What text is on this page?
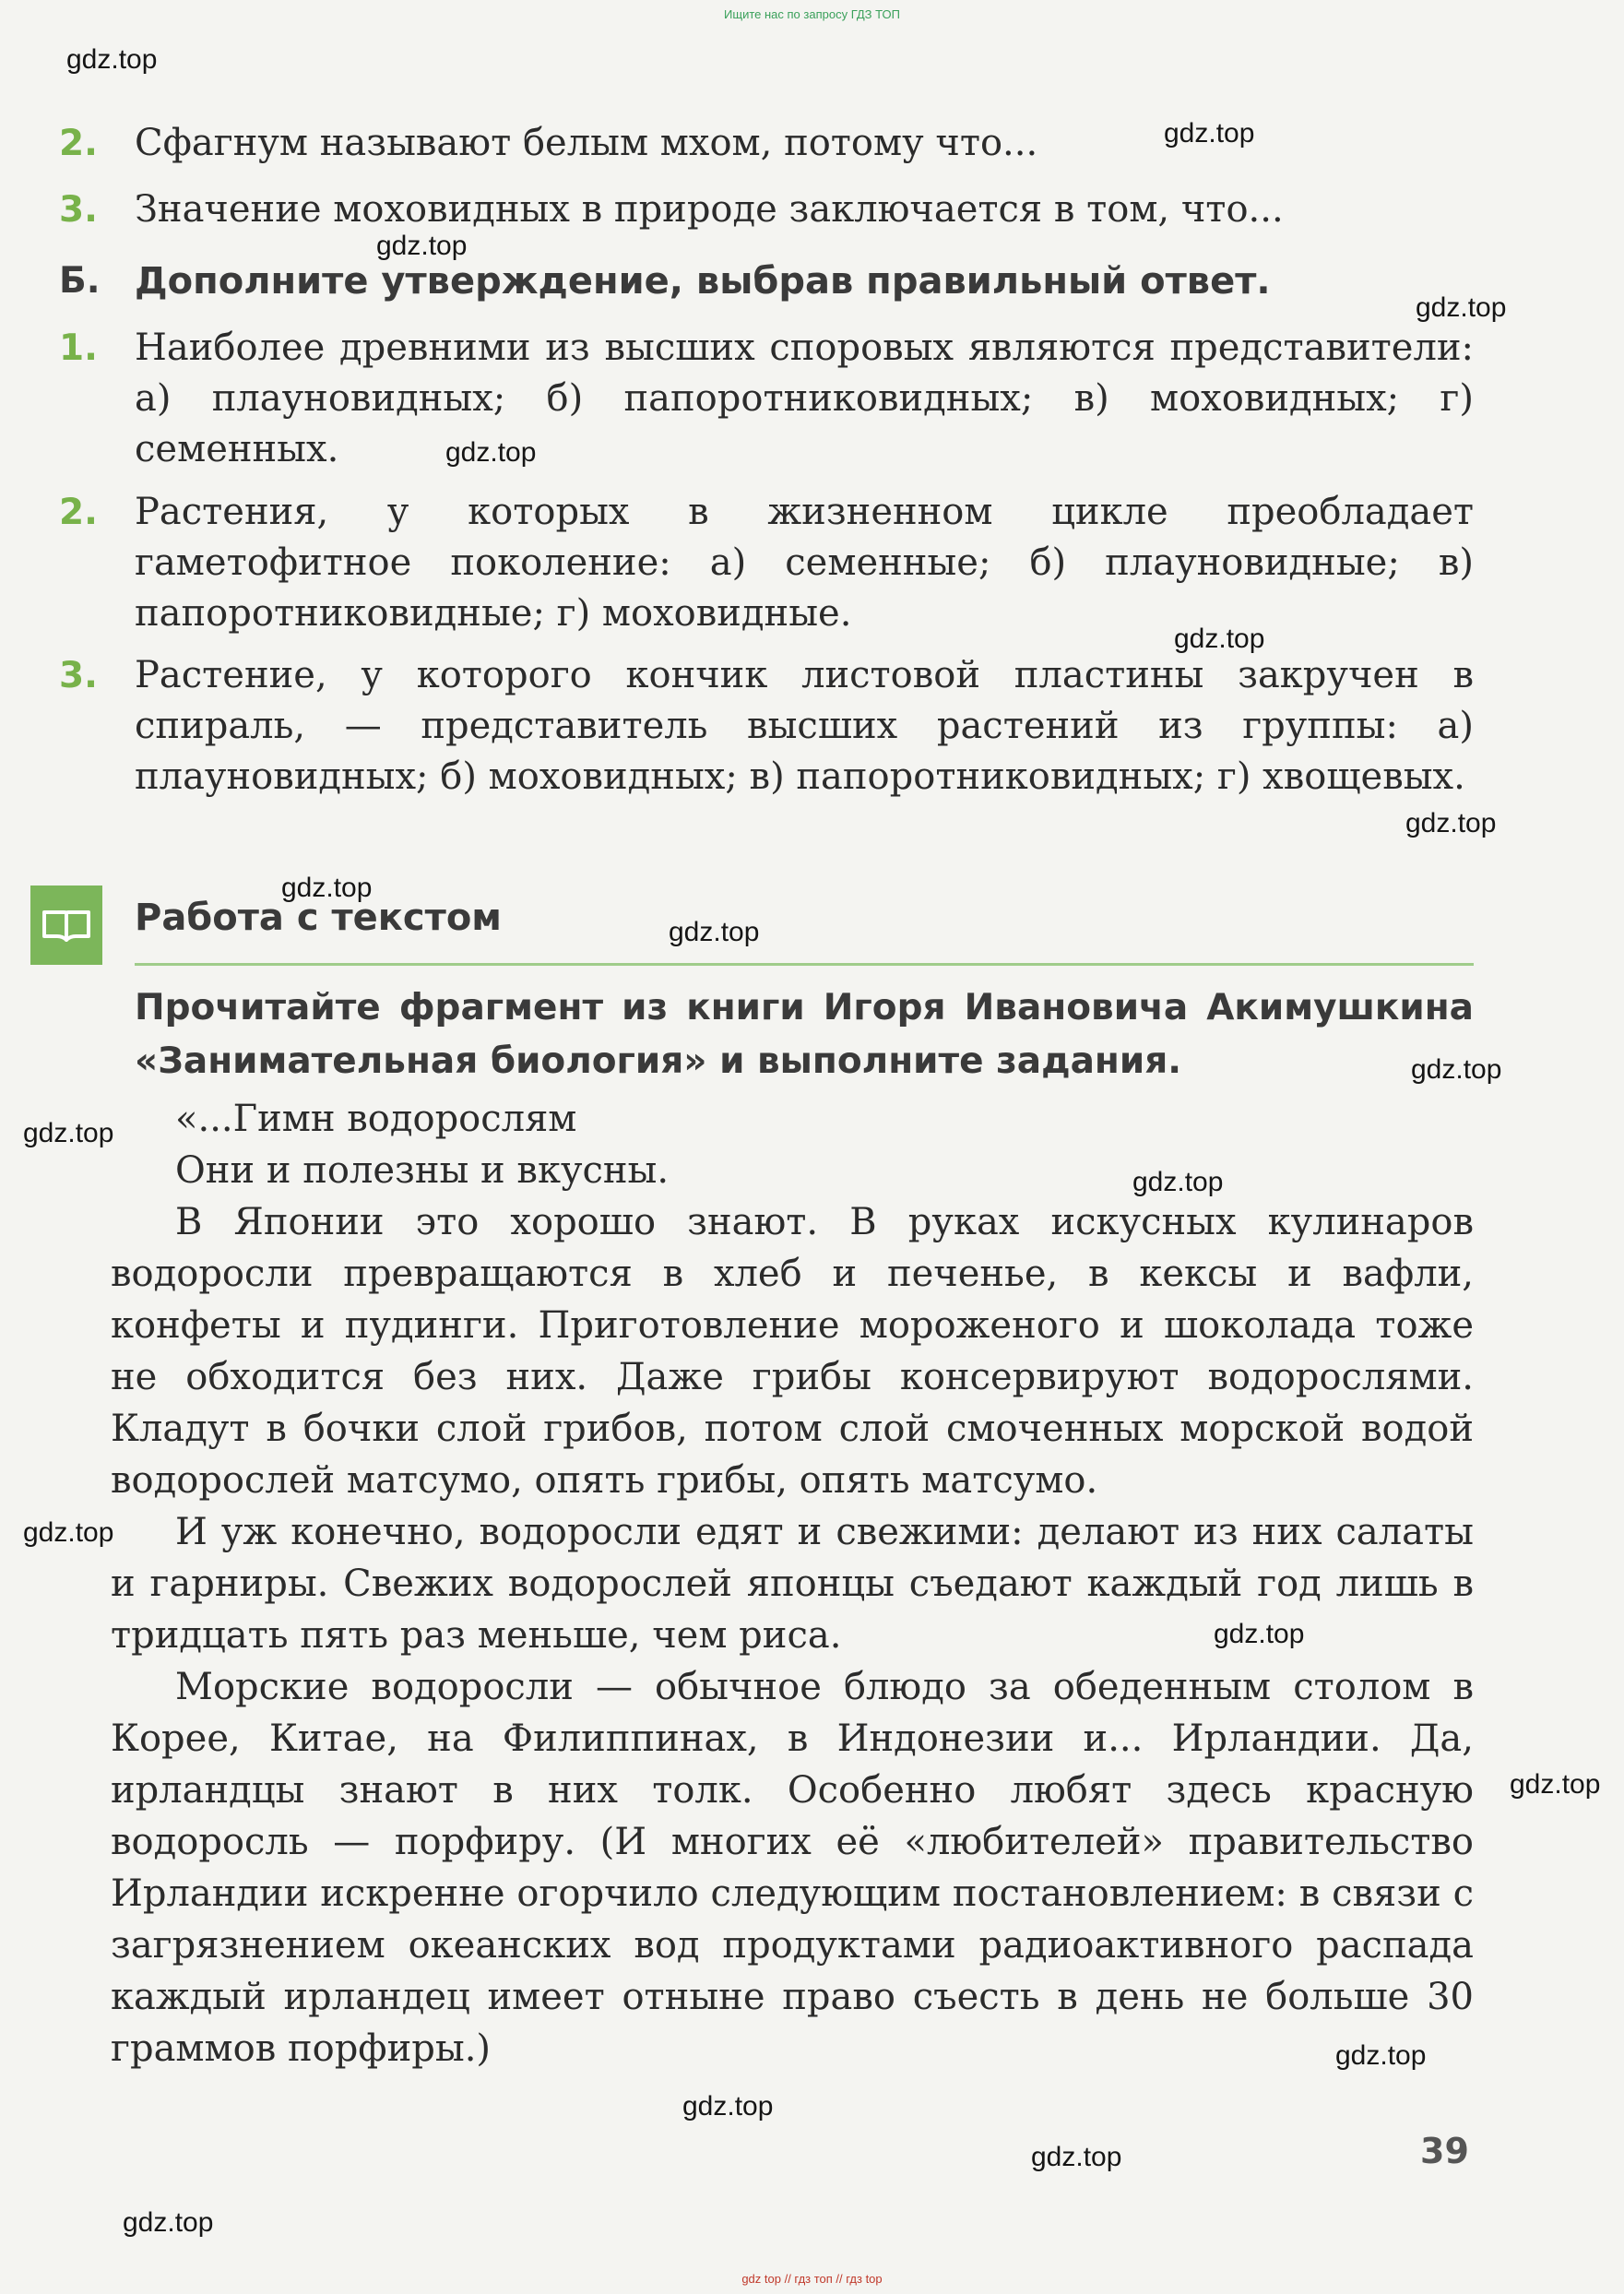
Ищите нас по запросу ГДЗ ТОП
2. Сфагнум называют белым мхом, потому что...
3. Значение моховидных в природе заключается в том, что...
Б. Дополните утверждение, выбрав правильный ответ.
1. Наиболее древними из высших споровых являются представители: а) плауновидных; б) папоротниковидных; в) моховидных; г) семенных.
2. Растения, у которых в жизненном цикле преобладает гаметофитное поколение: а) семенные; б) плауновидные; в) папоротниковидные; г) моховидные.
3. Растение, у которого кончик листовой пластины закручен в спираль, — представитель высших растений из группы: а) плауновидных; б) моховидных; в) папоротниковидных; г) хвощевых.
Работа с текстом
Прочитайте фрагмент из книги Игоря Ивановича Акимушкина «Занимательная биология» и выполните задания.

«...Гимн водорослям

Они и полезны и вкусны.

В Японии это хорошо знают. В руках искусных кулинаров водоросли превращаются в хлеб и печенье, в кексы и вафли, конфеты и пудинги. Приготовление мороженого и шоколада тоже не обходится без них. Даже грибы консервируют водорослями. Кладут в бочки слой грибов, потом слой смоченных морской водой водорослей матсумо, опять грибы, опять матсумо.

И уж конечно, водоросли едят и свежими: делают из них салаты и гарниры. Свежих водорослей японцы съедают каждый год лишь в тридцать пять раз меньше, чем риса.

Морские водоросли — обычное блюдо за обеденным столом в Корее, Китае, на Филиппинах, в Индонезии и... Ирландии. Да, ирландцы знают в них толк. Особенно любят здесь красную водоросль — порфиру. (И многих её «любителей» правительство Ирландии искренне огорчило следующим постановлением: в связи с загрязнением океанских вод продуктами радиоактивного распада каждый ирландец имеет отныне право съесть в день не больше 30 граммов порфиры.)

39
gdz.top
gdz.top
gdz.top
gdz.top
gdz.top
gdz.top
gdz.top
gdz.top
gdz.top
gdz.top
gdz.top
gdz.top
gdz.top
gdz.top
gdz.top
gdz.top
gdz.top
gdz.top
gdz.top
gdz top // гдз топ // гдз top
